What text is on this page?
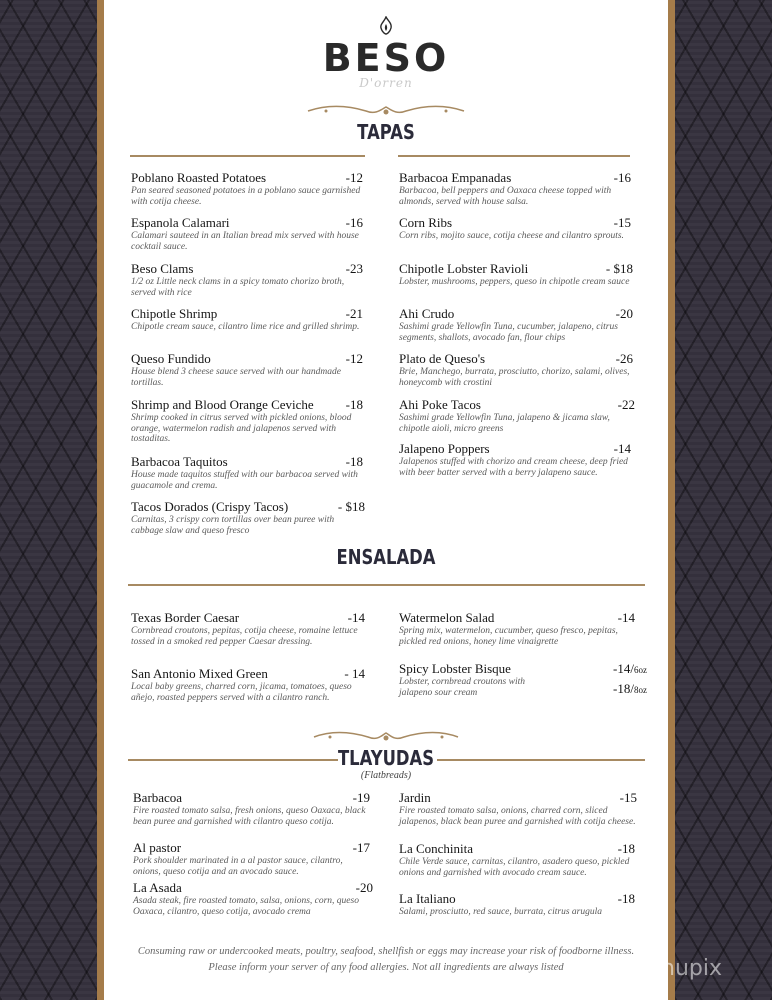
BESO
D'orren
TAPAS
Poblano Roasted Potatoes	-12
Pan seared seasoned potatoes in a poblano sauce garnished with cotija cheese.
Espanola Calamari	-16
Calamari sauteed in an Italian bread mix served with house cocktail sauce.
Beso Clams	-23
1/2 oz Little neck clams in a spicy tomato chorizo broth, served with rice
Chipotle Shrimp	-21
Chipotle cream sauce, cilantro lime rice and grilled shrimp.
Queso Fundido	-12
House blend 3 cheese sauce served with our handmade tortillas.
Shrimp and Blood Orange Ceviche -18
Shrimp cooked in citrus served with pickled onions, blood orange, watermelon radish and jalapenos served with tostaditas.
Barbacoa Taquitos	-18
House made taquitos stuffed with our barbacoa served with guacamole and crema.
Tacos Dorados (Crispy Tacos)	- $18
Carnitas, 3 crispy corn tortillas over bean puree with cabbage slaw and queso fresco
Barbacoa Empanadas	-16
Barbacoa, bell peppers and Oaxaca cheese topped with almonds, served with house salsa.
Corn Ribs	-15
Corn ribs, mojito sauce, cotija cheese and cilantro sprouts.
Chipotle Lobster Ravioli	- $18
Lobster, mushrooms, peppers, queso in chipotle cream sauce
Ahi Crudo	-20
Sashimi grade Yellowfin Tuna, cucumber, jalapeno, citrus segments, shallots, avocado fan, flour chips
Plato de Queso's	-26
Brie, Manchego, burrata, prosciutto, chorizo, salami, olives, honeycomb with crostini
Ahi Poke Tacos	-22
Sashimi grade Yellowfin Tuna, jalapeno & jicama slaw, chipotle aioli, micro greens
Jalapeno Poppers	-14
Jalapenos stuffed with chorizo and cream cheese, deep fried with beer batter served with a berry jalapeno sauce.
ENSALADA
Texas Border Caesar	-14
Cornbread croutons, pepitas, cotija cheese, romaine lettuce tossed in a smoked red pepper Caesar dressing.
San Antonio Mixed Green	- 14
Local baby greens, charred corn, jicama, tomatoes, queso añejo, roasted peppers served with a cilantro ranch.
Watermelon Salad	-14
Spring mix, watermelon, cucumber, queso fresco, pepitas, pickled red onions, honey lime vinaigrette
Spicy Lobster Bisque	-14/6oz
Lobster, cornbread croutons with jalapeno sour cream	-18/8oz
TLAYUDAS
(Flatbreads)
Barbacoa	-19
Fire roasted tomato salsa, fresh onions, queso Oaxaca, black bean puree and garnished with cilantro queso cotija.
Al pastor	-17
Pork shoulder marinated in a al pastor sauce, cilantro, onions, queso cotija and an avocado sauce.
La Asada	-20
Asada steak, fire roasted tomato, salsa, onions, corn, queso Oaxaca, cilantro, queso cotija, avocado crema
Jardin	-15
Fire roasted tomato salsa, onions, charred corn, sliced jalapenos, black bean puree and garnished with cotija cheese.
La Conchinita	-18
Chile Verde sauce, carnitas, cilantro, asadero queso, pickled onions and garnished with avocado cream sauce.
La Italiano	-18
Salami, prosciutto, red sauce, burrata, citrus arugula
Consuming raw or undercooked meats, poultry, seafood, shellfish or eggs may increase your risk of foodborne illness.
Please inform your server of any food allergies. Not all ingredients are always listed	menupix
